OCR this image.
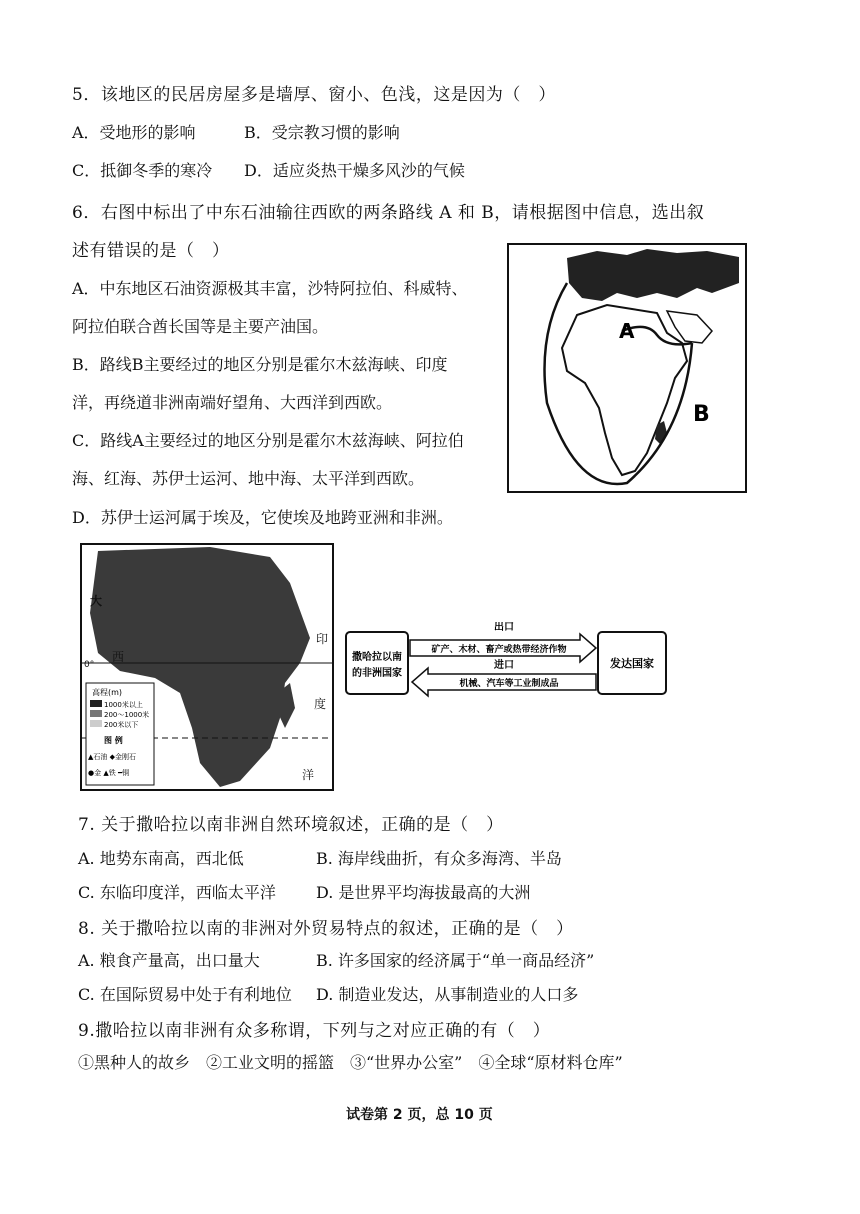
5．该地区的民居房屋多是墙厚、窗小、色浅，这是因为（　）
A．受地形的影响	B．受宗教习惯的影响
C．抵御冬季的寒冷 D．适应炎热干燥多风沙的气候
6．右图中标出了中东石油输往西欧的两条路线 A 和 B，请根据图中信息，选出叙
述有错误的是（　）
A．中东地区石油资源极其丰富，沙特阿拉伯、科威特、
阿拉伯联合酋长国等是主要产油国。
B．路线B主要经过的地区分别是霍尔木兹海峡、印度
洋，再绕道非洲南端好望角、大西洋到西欧。
C．路线A主要经过的地区分别是霍尔木兹海峡、阿拉伯
海、红海、苏伊士运河、地中海、太平洋到西欧。
D．苏伊士运河属于埃及，它使埃及地跨亚洲和非洲。
A
B
大
西
0°
印
度
洋
高程(m)
1000米以上
200～1000米
200米以下
图 例
▲石油 ◆金刚石
●金 ▲铁 ━铜
撒哈拉以南
的非洲国家
发达国家
出口
矿产、木材、畜产或热带经济作物
进口
机械、汽车等工业制成品
7. 关于撒哈拉以南非洲自然环境叙述，正确的是（　）
A. 地势东南高，西北低	B. 海岸线曲折，有众多海湾、半岛
C. 东临印度洋，西临太平洋	D. 是世界平均海拔最高的大洲
8. 关于撒哈拉以南的非洲对外贸易特点的叙述，正确的是（　）
A. 粮食产量高，出口量大	B. 许多国家的经济属于“单一商品经济”
C. 在国际贸易中处于有利地位 D. 制造业发达，从事制造业的人口多
9.撒哈拉以南非洲有众多称谓，下列与之对应正确的有（　）
①黑种人的故乡　②工业文明的摇篮　③“世界办公室”　④全球“原材料仓库”
试卷第 2 页，总 10 页
